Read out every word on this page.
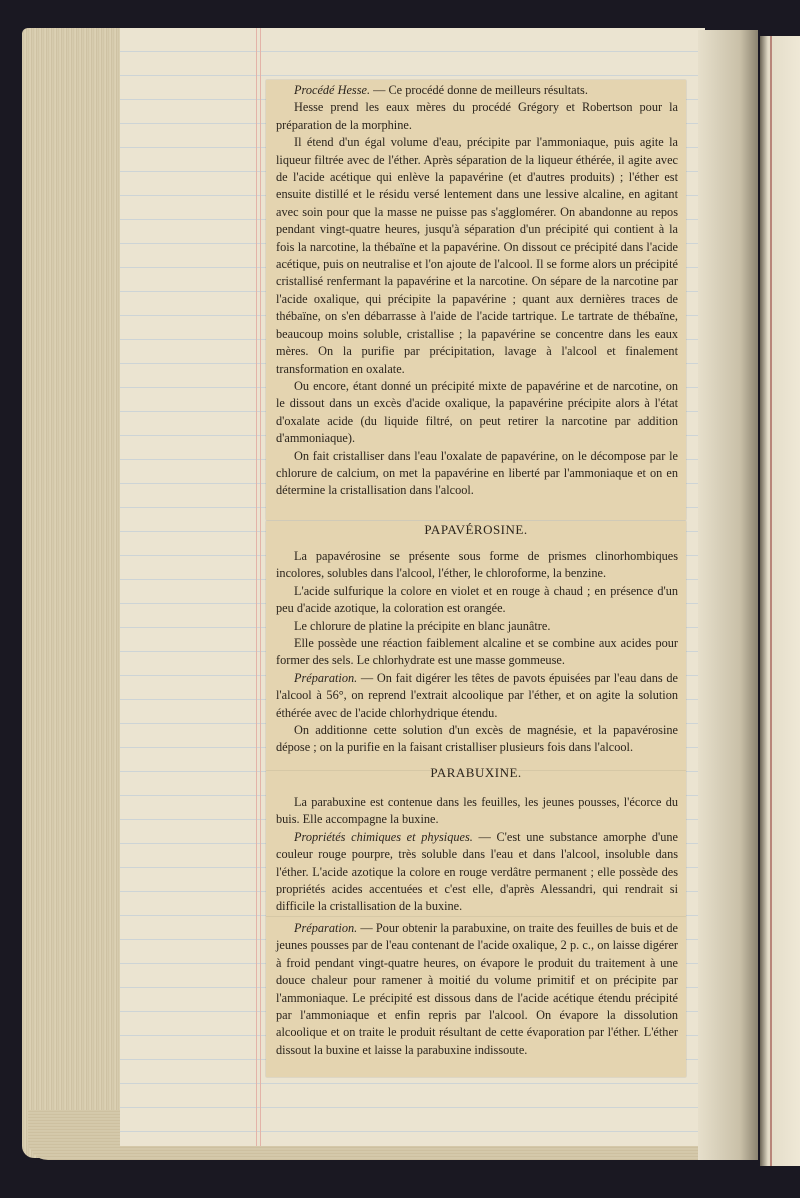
Procédé Hesse. — Ce procédé donne de meilleurs résultats.

Hesse prend les eaux mères du procédé Grégory et Robertson pour la préparation de la morphine.

Il étend d'un égal volume d'eau, précipite par l'ammoniaque, puis agite la liqueur filtrée avec de l'éther. Après séparation de la liqueur éthérée, il agite avec de l'acide acétique qui enlève la papavérine (et d'autres produits) ; l'éther est ensuite distillé et le résidu versé lentement dans une lessive alcaline, en agitant avec soin pour que la masse ne puisse pas s'agglomérer. On abandonne au repos pendant vingt-quatre heures, jusqu'à séparation d'un précipité qui contient à la fois la narcotine, la thébaïne et la papavérine. On dissout ce précipité dans l'acide acétique, puis on neutralise et l'on ajoute de l'alcool. Il se forme alors un précipité cristallisé renfermant la papavérine et la narcotine. On sépare de la narcotine par l'acide oxalique, qui précipite la papavérine ; quant aux dernières traces de thébaïne, on s'en débarrasse à l'aide de l'acide tartrique. Le tartrate de thébaïne, beaucoup moins soluble, cristallise ; la papavérine se concentre dans les eaux mères. On la purifie par précipitation, lavage à l'alcool et finalement transformation en oxalate.

Ou encore, étant donné un précipité mixte de papavérine et de narcotine, on le dissout dans un excès d'acide oxalique, la papavérine précipite alors à l'état d'oxalate acide (du liquide filtré, on peut retirer la narcotine par addition d'ammoniaque).

On fait cristalliser dans l'eau l'oxalate de papavérine, on le décompose par le chlorure de calcium, on met la papavérine en liberté par l'ammoniaque et on en détermine la cristallisation dans l'alcool.

PAPAVÉROSINE.

La papavérosine se présente sous forme de prismes clinorhombiques incolores, solubles dans l'alcool, l'éther, le chloroforme, la benzine.

L'acide sulfurique la colore en violet et en rouge à chaud ; en présence d'un peu d'acide azotique, la coloration est orangée.

Le chlorure de platine la précipite en blanc jaunâtre.

Elle possède une réaction faiblement alcaline et se combine aux acides pour former des sels. Le chlorhydrate est une masse gommeuse.

Préparation. — On fait digérer les têtes de pavots épuisées par l'eau dans de l'alcool à 56°, on reprend l'extrait alcoolique par l'éther, et on agite la solution éthérée avec de l'acide chlorhydrique étendu.

On additionne cette solution d'un excès de magnésie, et la papavérosine dépose ; on la purifie en la faisant cristalliser plusieurs fois dans l'alcool.

PARABUXINE.

La parabuxine est contenue dans les feuilles, les jeunes pousses, l'écorce du buis. Elle accompagne la buxine.

Propriétés chimiques et physiques. — C'est une substance amorphe d'une couleur rouge pourpre, très soluble dans l'eau et dans l'alcool, insoluble dans l'éther. L'acide azotique la colore en rouge verdâtre permanent ; elle possède des propriétés acides accentuées et c'est elle, d'après Alessandri, qui rendrait si difficile la cristallisation de la buxine.

Préparation. — Pour obtenir la parabuxine, on traite des feuilles de buis et de jeunes pousses par de l'eau contenant de l'acide oxalique, 2 p. c., on laisse digérer à froid pendant vingt-quatre heures, on évapore le produit du traitement à une douce chaleur pour ramener à moitié du volume primitif et on précipite par l'ammoniaque. Le précipité est dissous dans de l'acide acétique étendu précipité par l'ammoniaque et enfin repris par l'alcool. On évapore la dissolution alcoolique et on traite le produit résultant de cette évaporation par l'éther. L'éther dissout la buxine et laisse la parabuxine indissoute.
